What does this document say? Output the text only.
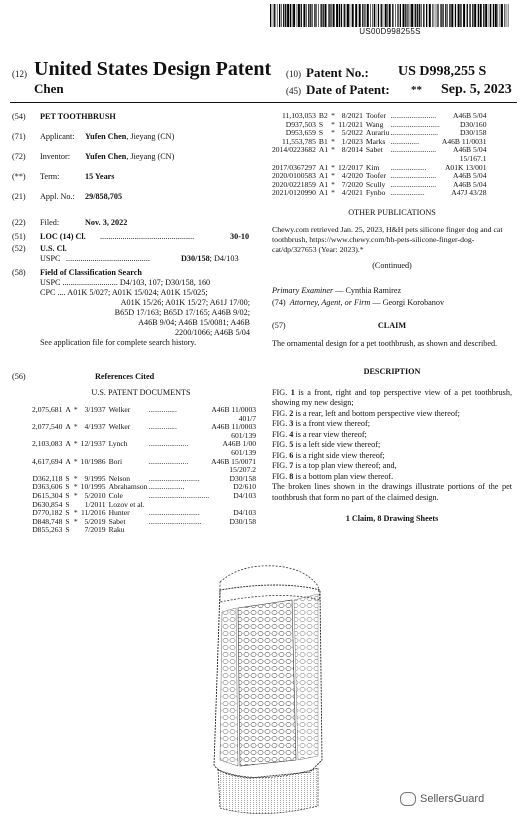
US00D998255S
(12) United States Design Patent
Chen
(10) Patent No.: US D998,255 S
(45) Date of Patent: ** Sep. 5, 2023
(54) PET TOOTHBRUSH
(71) Applicant: Yufen Chen, Jieyang (CN)
(72) Inventor: Yufen Chen, Jieyang (CN)
(**) Term:	15 Years
(21) Appl. No.: 29/858,705
(22) Filed:	Nov. 3, 2022
(51) LOC (14) Cl. ..............................................	30-10
(52) U.S. Cl.
USPC .........................................	D30/158; D4/103
(58) Field of Classification Search
USPC ........................... D4/103, 107; D30/158, 160
CPC .... A01K 5/027; A01K 15/024; A01K 15/025;
A01K 15/26; A01K 15/27; A61J 17/00;
B65D 17/163; B65D 17/165; A46B 9/02;
A46B 9/04; A46B 15/0081; A46B
2200/1066; A46B 5/04
See application file for complete search history.
(56)	References Cited
U.S. PATENT DOCUMENTS
2,075,681	A	*	3/1937	Welker	...............	A46B 11/0003
401/7						
2,077,540	A	*	4/1937	Welker	...............	A46B 11/0003
601/139						
2,103,083	A	*	12/1937	Lynch	.....................	A46B 1/00
601/139						
4,617,694	A	*	10/1986	Bori	.....................	A46B 15/0071
15/207.2						
D362,118	S	*	9/1995	Nelson	...........................	D30/158
D363,606	S	*	10/1995	Abrahamson	...................	D2/610
D615,304	S	*	5/2010	Cole	................................	D4/103
D630,854	S		1/2011	Lozov et al.		
D770,182	S	*	11/2016	Hunter	...........................	D4/103
D848,748	S	*	5/2019	Sabet	............................	D30/158
D855,263	S		7/2019	Raku		
11,103,053	B2	*	8/2021	Toofer	........................	A46B 5/04
D937,503	S	*	11/2021	Wang	..........................	D30/160
D953,659	S	*	5/2022	Aurariu	.........................	D30/158
11,553,785	B1	*	1/2023	Marks	...............	A46B 11/0031
2014/0223682	A1	*	8/2014	Sabet	........................	A46B 5/04
15/167.1						
2017/0367297	A1	*	12/2017	Kim	...................	A01K 13/001
2020/0100583	A1	*	4/2020	Toofer	........................	A46B 5/04
2020/0221859	A1	*	7/2020	Scully	........................	A46B 5/04
2021/0120990	A1	*	4/2021	Fynbo	..................	A47J 43/28
OTHER PUBLICATIONS
Chewy.com retrieved Jan. 25, 2023, H&H pets silicone finger dog and cat toothbrush, https://www.chewy.com/hh-pets-silicone-finger-dog-cat/dp/327653 (Year: 2023).*
(Continued)
Primary Examiner — Cynthia Ramirez
(74) Attorney, Agent, or Firm — Georgi Korobanov
(57)	CLAIM
The ornamental design for a pet toothbrush, as shown and described.
DESCRIPTION
FIG. 1 is a front, right and top perspective view of a pet toothbrush, showing my new design;
FIG. 2 is a rear, left and bottom perspective view thereof;
FIG. 3 is a front view thereof;
FIG. 4 is a rear view thereof;
FIG. 5 is a left side view thereof;
FIG. 6 is a right side view thereof;
FIG. 7 is a top plan view thereof; and,
FIG. 8 is a bottom plan view thereof.
The broken lines shown in the drawings illustrate portions of the pet toothbrush that form no part of the claimed design.
1 Claim, 8 Drawing Sheets
SellersGuard
